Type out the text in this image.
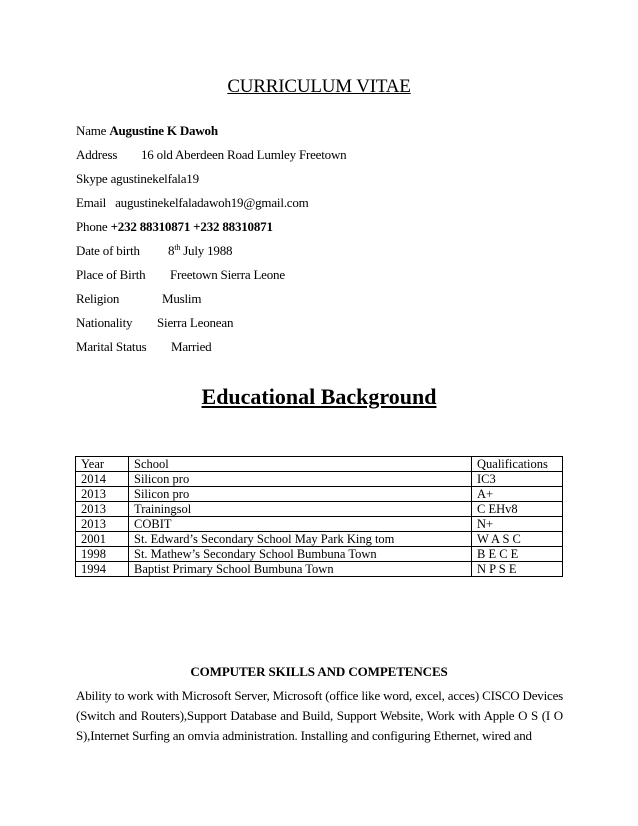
CURRICULUM VITAE
Name Augustine K Dawoh
Address 16 old Aberdeen Road Lumley Freetown
Skype agustinekelfala19
Email augustinekelfaladawoh19@gmail.com
Phone +232 88310871 +232 88310871
Date of birth 8th July 1988
Place of Birth Freetown Sierra Leone
Religion	Muslim
Nationality Sierra Leonean
Marital Status Married
Educational Background
Year	School	Qualifications
2014	Silicon pro	IC3
2013	Silicon pro	A+
2013	Trainingsol	C EHv8
2013	COBIT	N+
2001	St. Edward’s Secondary School May Park King tom	W A S C
1998	St. Mathew’s Secondary School Bumbuna Town	B E C E
1994	Baptist Primary School Bumbuna Town	N P S E
COMPUTER SKILLS AND COMPETENCES
Ability to work with Microsoft Server, Microsoft (office like word, excel, acces) CISCO Devices (Switch and Routers),Support Database and Build, Support Website, Work with Apple O S (I O S),Internet Surfing an omvia administration. Installing and configuring Ethernet, wired and
